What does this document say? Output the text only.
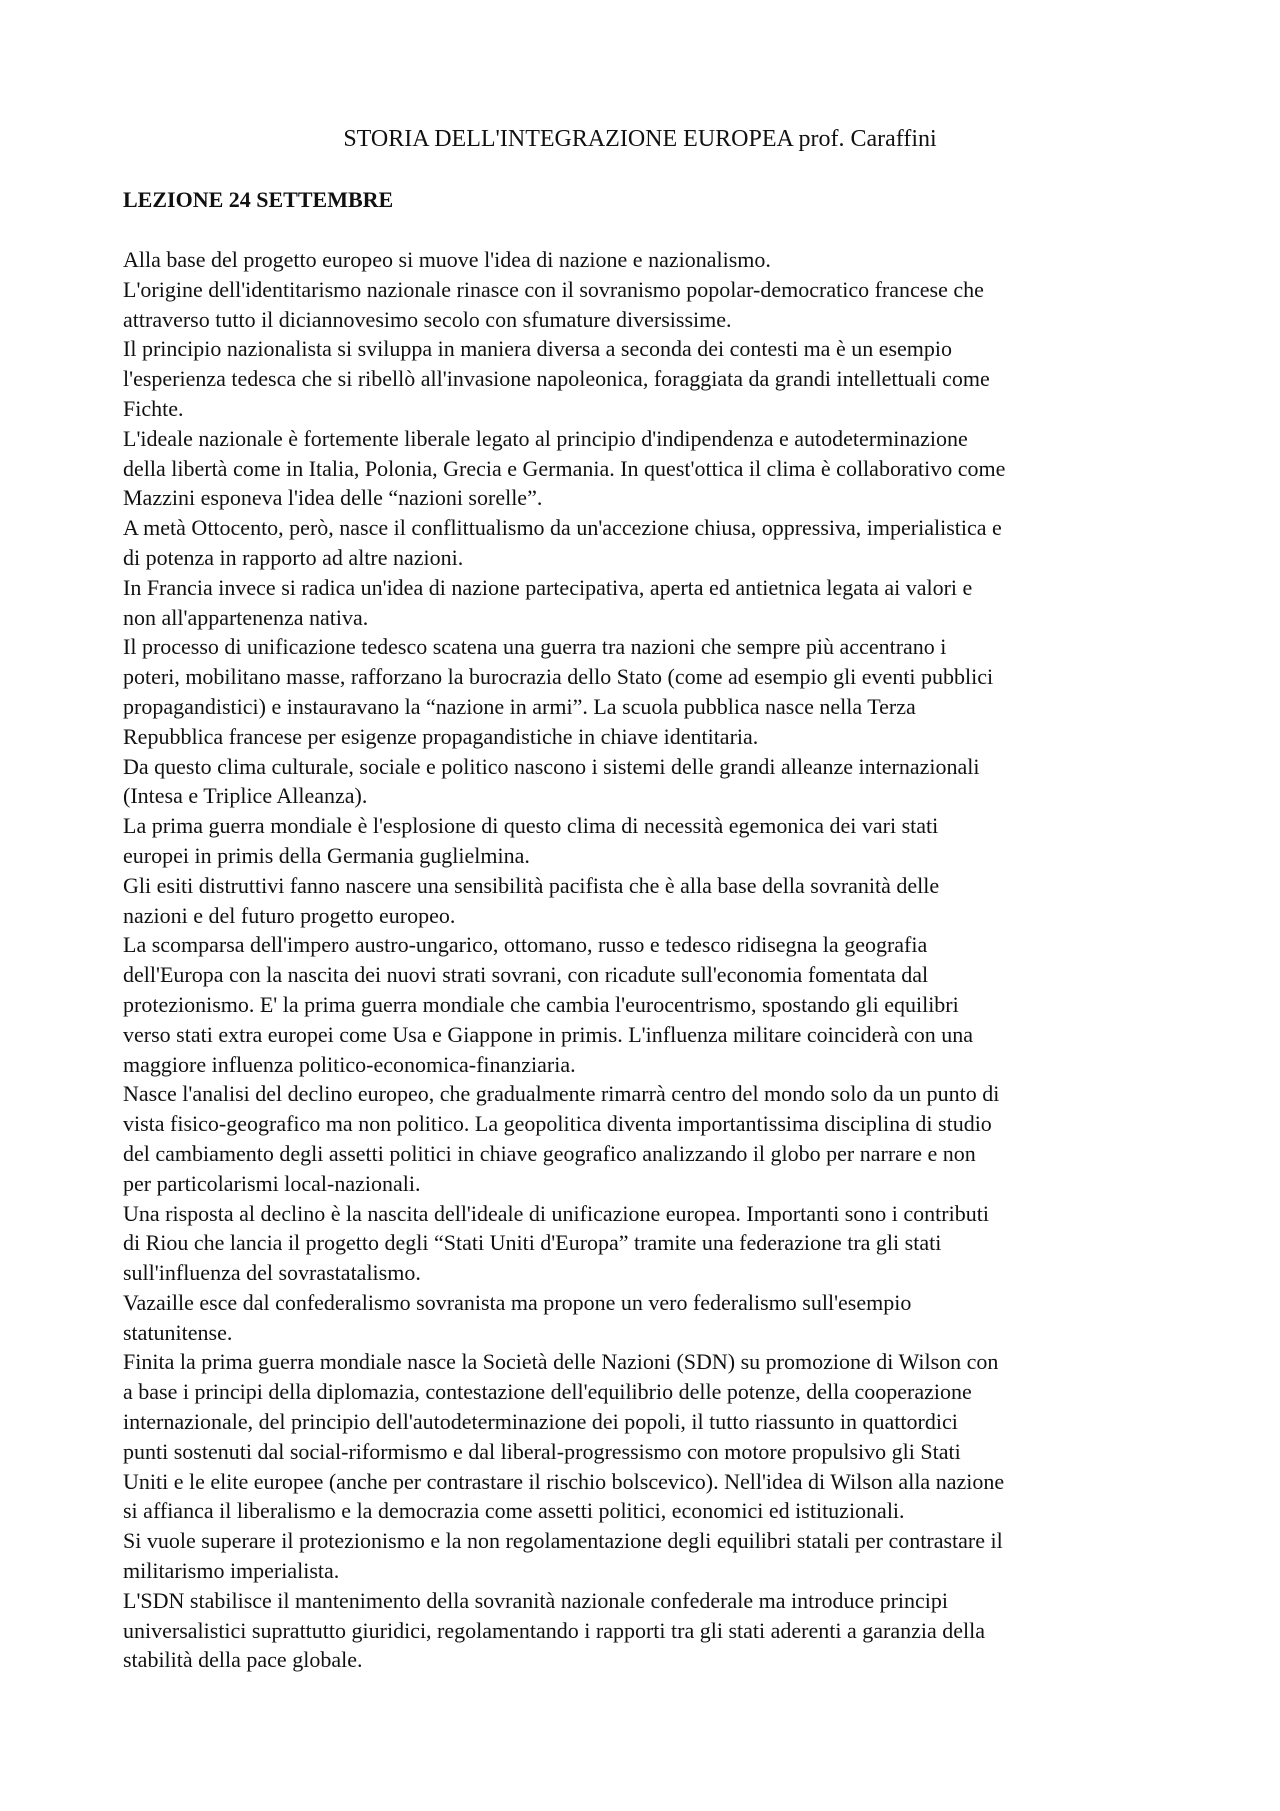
STORIA DELL'INTEGRAZIONE EUROPEA prof. Caraffini
LEZIONE 24 SETTEMBRE
Alla base del progetto europeo si muove l'idea di nazione e nazionalismo.
L'origine dell'identitarismo nazionale rinasce con il sovranismo popolar-democratico francese che
attraverso tutto il diciannovesimo secolo con sfumature diversissime.
Il principio nazionalista si sviluppa in maniera diversa a seconda dei contesti ma è un esempio
l'esperienza tedesca che si ribellò all'invasione napoleonica, foraggiata da grandi intellettuali come
Fichte.
L'ideale nazionale è fortemente liberale legato al principio d'indipendenza e autodeterminazione
della libertà come in Italia, Polonia, Grecia e Germania. In quest'ottica il clima è collaborativo come
Mazzini esponeva l'idea delle “nazioni sorelle”.
A metà Ottocento, però, nasce il conflittualismo da un'accezione chiusa, oppressiva, imperialistica e
di potenza in rapporto ad altre nazioni.
In Francia invece si radica un'idea di nazione partecipativa, aperta ed antietnica legata ai valori e
non all'appartenenza nativa.
Il processo di unificazione tedesco scatena una guerra tra nazioni che sempre più accentrano i
poteri, mobilitano masse, rafforzano la burocrazia dello Stato (come ad esempio gli eventi pubblici
propagandistici) e instauravano la “nazione in armi”. La scuola pubblica nasce nella Terza
Repubblica francese per esigenze propagandistiche in chiave identitaria.
Da questo clima culturale, sociale e politico nascono i sistemi delle grandi alleanze internazionali
(Intesa e Triplice Alleanza).
La prima guerra mondiale è l'esplosione di questo clima di necessità egemonica dei vari stati
europei in primis della Germania guglielmina.
Gli esiti distruttivi fanno nascere una sensibilità pacifista che è alla base della sovranità delle
nazioni e del futuro progetto europeo.
La scomparsa dell'impero austro-ungarico, ottomano, russo e tedesco ridisegna la geografia
dell'Europa con la nascita dei nuovi strati sovrani, con ricadute sull'economia fomentata dal
protezionismo. E' la prima guerra mondiale che cambia l'eurocentrismo, spostando gli equilibri
verso stati extra europei come Usa e Giappone in primis. L'influenza militare coinciderà con una
maggiore influenza politico-economica-finanziaria.
Nasce l'analisi del declino europeo, che gradualmente rimarrà centro del mondo solo da un punto di
vista fisico-geografico ma non politico. La geopolitica diventa importantissima disciplina di studio
del cambiamento degli assetti politici in chiave geografico analizzando il globo per narrare e non
per particolarismi local-nazionali.
Una risposta al declino è la nascita dell'ideale di unificazione europea. Importanti sono i contributi
di Riou che lancia il progetto degli “Stati Uniti d'Europa” tramite una federazione tra gli stati
sull'influenza del sovrastatalismo.
Vazaille esce dal confederalismo sovranista ma propone un vero federalismo sull'esempio
statunitense.
Finita la prima guerra mondiale nasce la Società delle Nazioni (SDN) su promozione di Wilson con
a base i principi della diplomazia, contestazione dell'equilibrio delle potenze, della cooperazione
internazionale, del principio dell'autodeterminazione dei popoli, il tutto riassunto in quattordici
punti sostenuti dal social-riformismo e dal liberal-progressismo con motore propulsivo gli Stati
Uniti e le elite europee (anche per contrastare il rischio bolscevico). Nell'idea di Wilson alla nazione
si affianca il liberalismo e la democrazia come assetti politici, economici ed istituzionali.
Si vuole superare il protezionismo e la non regolamentazione degli equilibri statali per contrastare il
militarismo imperialista.
L'SDN stabilisce il mantenimento della sovranità nazionale confederale ma introduce principi
universalistici suprattutto giuridici, regolamentando i rapporti tra gli stati aderenti a garanzia della
stabilità della pace globale.
